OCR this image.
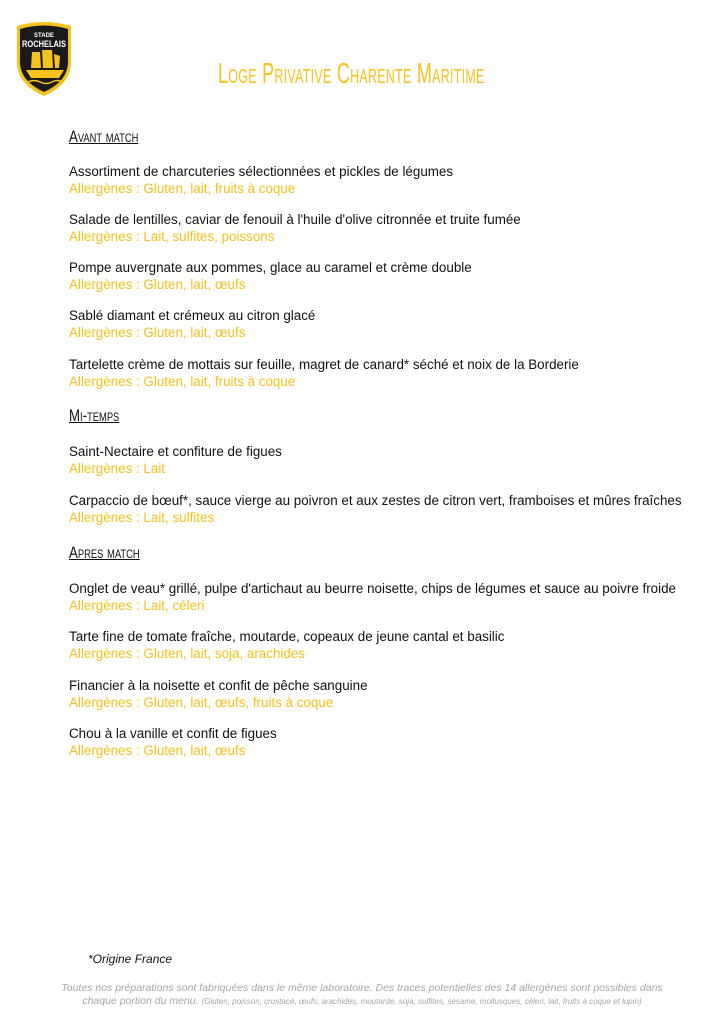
STADE
ROCHELAIS
Loge Privative Charente Maritime
Avant match
Assortiment de charcuteries sélectionnées et pickles de légumes
Allergènes : Gluten, lait, fruits à coque
Salade de lentilles, caviar de fenouil à l'huile d'olive citronnée et truite fumée
Allergènes : Lait, sulfites, poissons
Pompe auvergnate aux pommes, glace au caramel et crème double
Allergènes : Gluten, lait, œufs
Sablé diamant et crémeux au citron glacé
Allergènes : Gluten, lait, œufs
Tartelette crème de mottais sur feuille, magret de canard* séché et noix de la Borderie
Allergènes : Gluten, lait, fruits à coque
Mi-temps
Saint-Nectaire et confiture de figues
Allergènes : Lait
Carpaccio de bœuf*, sauce vierge au poivron et aux zestes de citron vert, framboises et mûres fraîches
Allergènes : Lait, sulfites
Apres match
Onglet de veau* grillé, pulpe d'artichaut au beurre noisette, chips de légumes et sauce au poivre froide
Allergènes : Lait, céleri
Tarte fine de tomate fraîche, moutarde, copeaux de jeune cantal et basilic
Allergènes : Gluten, lait, soja, arachides
Financier à la noisette et confit de pêche sanguine
Allergènes : Gluten, lait, œufs, fruits à coque
Chou à la vanille et confit de figues
Allergènes : Gluten, lait, œufs
*Origine France
Toutes nos préparations sont fabriquées dans le même laboratoire. Des traces potentielles des 14 allergènes sont possibles dans
chaque portion du menu. (Gluten, poisson, crustacé, œufs, arachides, moutarde, soja, sulfites, sésame, mollusques, céleri, lait, fruits à coque et lupin)
